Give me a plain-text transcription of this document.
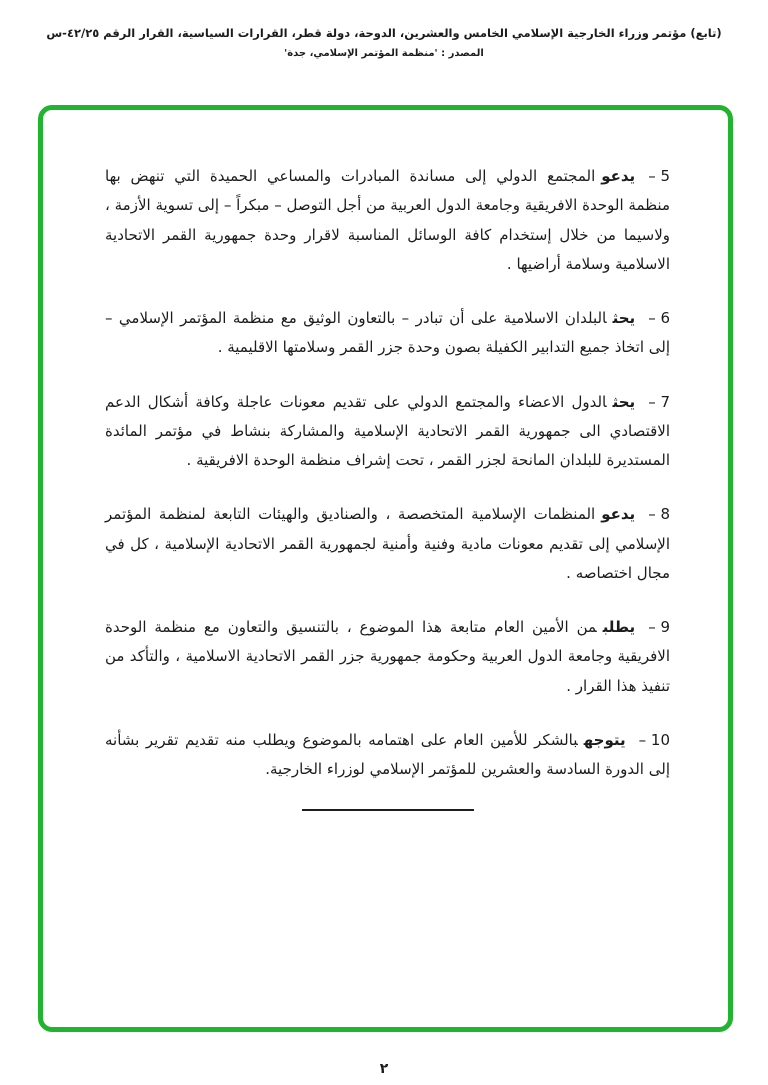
(تابع) مؤتمر وزراء الخارجية الإسلامي الخامس والعشرين، الدوحة، دولة قطر، القرارات السياسية، القرار الرقم ٤٢/٢٥-س
المصدر : 'منظمة المؤتمر الإسلامي، جدة'

– 5يدعوالمجتمع الدولي إلى مساندة المبادرات والمساعي الحميدة التي تنهض بها منظمة الوحدة الافريقية وجامعة الدول العربية من أجل التوصل – مبكراً – إلى تسوية الأزمة ، ولاسيما من خلال إستخدام كافة الوسائل المناسبة لاقرار وحدة جمهورية القمر الاتحادية الاسلامية وسلامة أراضيها .

– 6يحثالبلدان الاسلامية على أن تبادر – بالتعاون الوثيق مع منظمة المؤتمر الإسلامي – إلى اتخاذ جميع التدابير الكفيلة بصون وحدة جزر القمر وسلامتها الاقليمية .

– 7يحثالدول الاعضاء والمجتمع الدولي على تقديم معونات عاجلة وكافة أشكال الدعم الاقتصادي الى جمهورية القمر الاتحادية الإسلامية والمشاركة بنشاط في مؤتمر المائدة المستديرة للبلدان المانحة لجزر القمر ، تحت إشراف منظمة الوحدة الافريقية .

– 8يدعوالمنظمات الإسلامية المتخصصة ، والصناديق والهيئات التابعة لمنظمة المؤتمر الإسلامي إلى تقديم معونات مادية وفنية وأمنية لجمهورية القمر الاتحادية الإسلامية ، كل في مجال اختصاصه .

– 9يطلبمن الأمين العام متابعة هذا الموضوع ، بالتنسيق والتعاون مع منظمة الوحدة الافريقية وجامعة الدول العربية وحكومة جمهورية جزر القمر الاتحادية الاسلامية ، والتأكد من تنفيذ هذا القرار .

– 10يتوجهبالشكر للأمين العام على اهتمامه بالموضوع ويطلب منه تقديم تقرير بشأنه إلى الدورة السادسة والعشرين للمؤتمر الإسلامي لوزراء الخارجية.

٢
